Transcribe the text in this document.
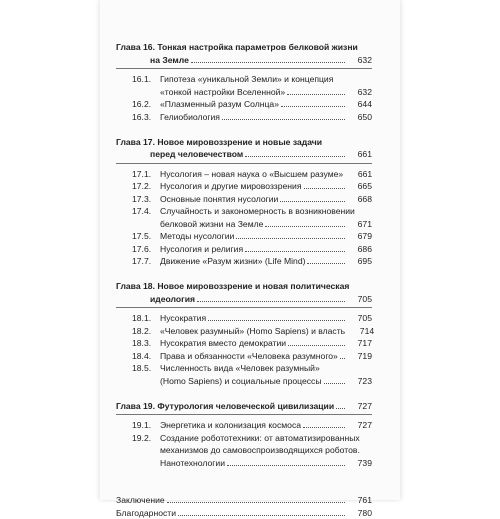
Глава 16. Тонкая настройка параметров белковой жизни
на Земле	632
16.1.	Гипотеза «уникальной Земли» и концепция
«тонкой настройки Вселенной»	632
16.2.	«Плазменный разум Солнца»	644
16.3.	Гелиобиология	650
Глава 17. Новое мировоззрение и новые задачи
перед человечеством	661
17.1.	Нусология – новая наука о «Высшем разуме»	661
17.2.	Нусология и другие мировоззрения	665
17.3.	Основные понятия нусологии	668
17.4.	Случайность и закономерность в возникновении
белковой жизни на Земле	671
17.5.	Методы нусологии	679
17.6.	Нусология и религия	686
17.7.	Движение «Разум жизни» (Life Mind)	695
Глава 18. Новое мировоззрение и новая политическая
идеология	705
18.1.	Нусократия	705
18.2.	«Человек разумный» (Homo Sapiens) и власть	714
18.3.	Нусократия вместо демократии	717
18.4.	Права и обязанности «Человека разумного»	719
18.5.	Численность вида «Человек разумный»
(Homo Sapiens) и социальные процессы	723
Глава 19. Футурология человеческой цивилизации	727
19.1.	Энергетика и колонизация космоса	727
19.2.	Создание робототехники: от автоматизированных
механизмов до самовоспроизводящихся роботов.
Нанотехнологии	739
Заключение	761
Благодарности	780
